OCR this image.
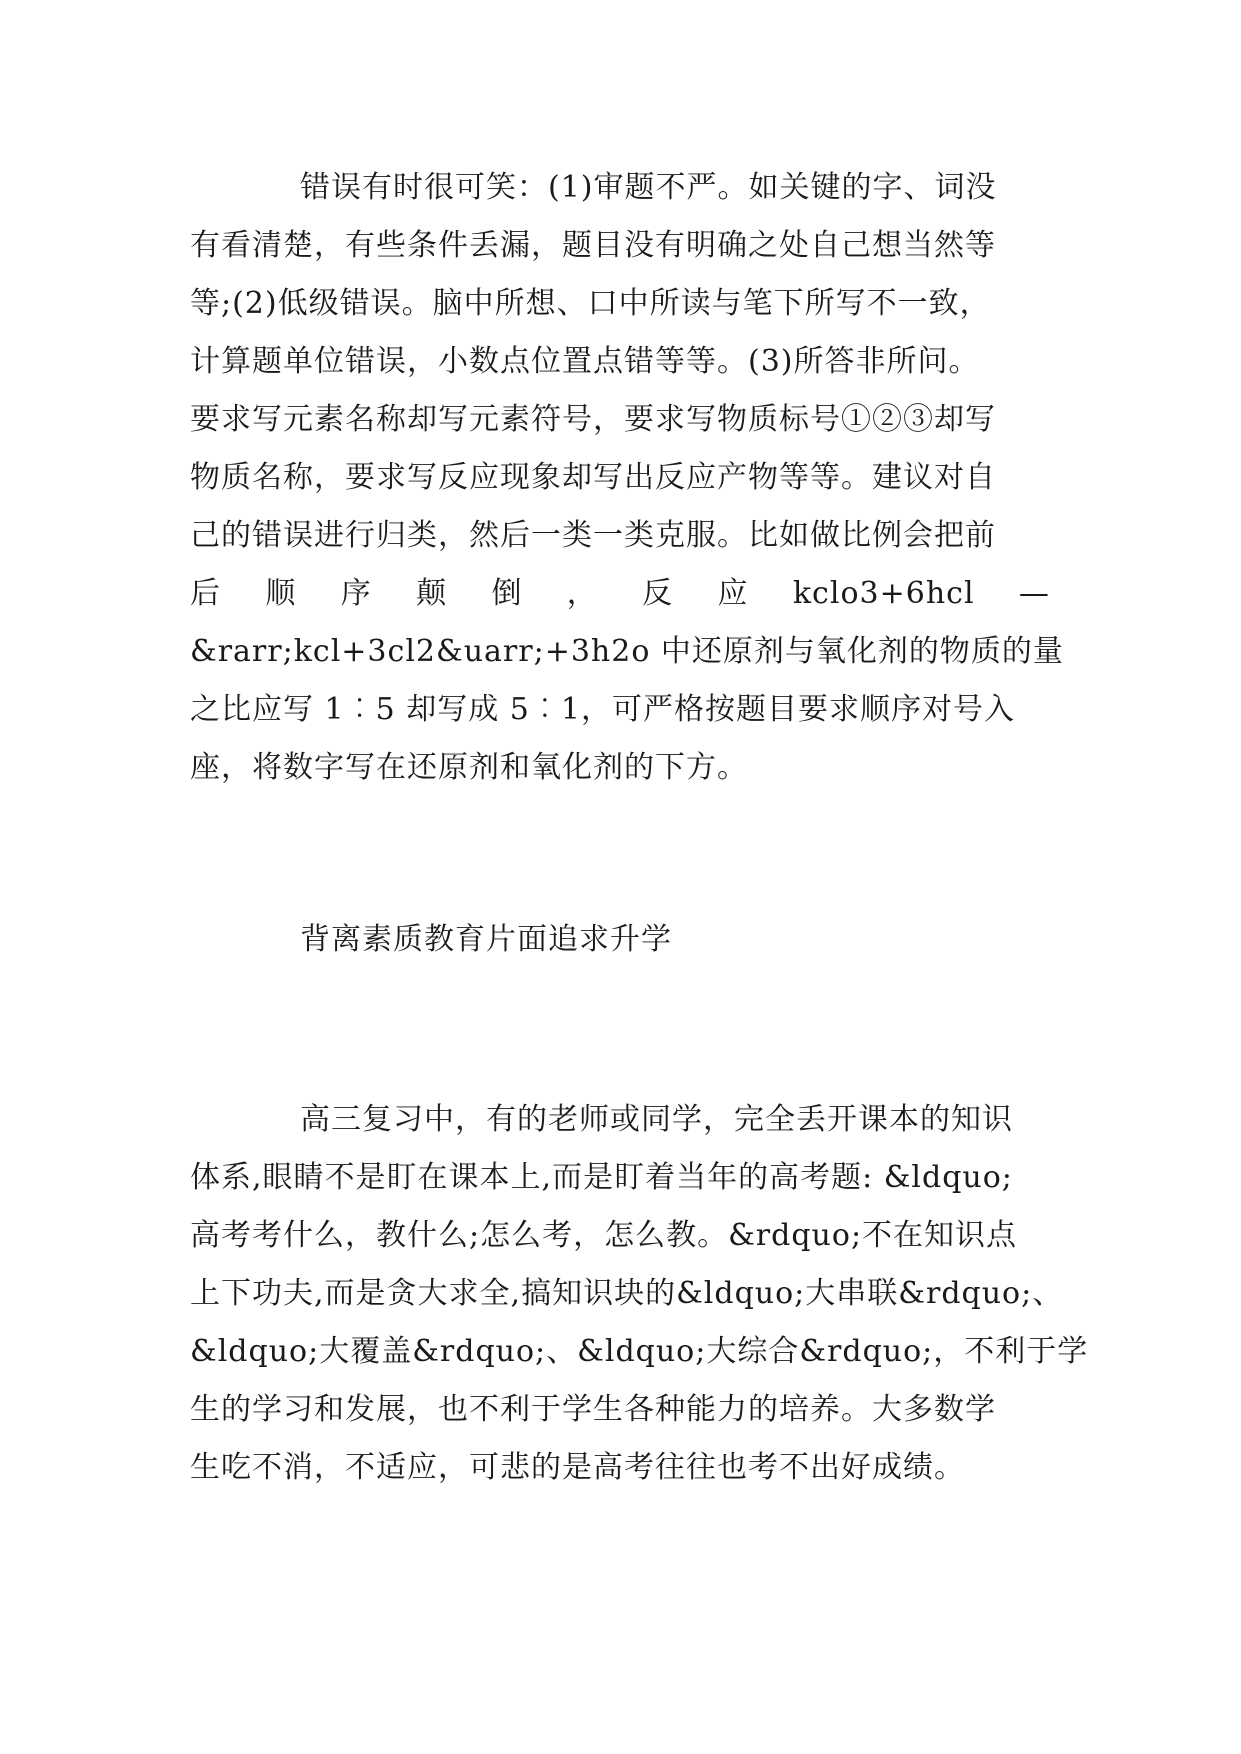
错误有时很可笑：(1)审题不严。如关键的字、词没
有看清楚，有些条件丢漏，题目没有明确之处自己想当然等
等;(2)低级错误。脑中所想、口中所读与笔下所写不一致，
计算题单位错误，小数点位置点错等等。(3)所答非所问。
要求写元素名称却写元素符号，要求写物质标号①②③却写
物质名称，要求写反应现象却写出反应产物等等。建议对自
己的错误进行归类，然后一类一类克服。比如做比例会把前
后 顺 序 颠 倒 ， 反 应 kclo3+6hcl —
&rarr;kcl+3cl2&uarr;+3h2o 中还原剂与氧化剂的物质的量
之比应写 1︰5 却写成 5︰1，可严格按题目要求顺序对号入
座，将数字写在还原剂和氧化剂的下方。
背离素质教育片面追求升学
高三复习中，有的老师或同学，完全丢开课本的知识
体系,眼睛不是盯在课本上,而是盯着当年的高考题: &ldquo;
高考考什么，教什么;怎么考，怎么教。&rdquo;不在知识点
上下功夫,而是贪大求全,搞知识块的&ldquo;大串联&rdquo;、
&ldquo;大覆盖&rdquo;、&ldquo;大综合&rdquo;，不利于学
生的学习和发展，也不利于学生各种能力的培养。大多数学
生吃不消，不适应，可悲的是高考往往也考不出好成绩。
